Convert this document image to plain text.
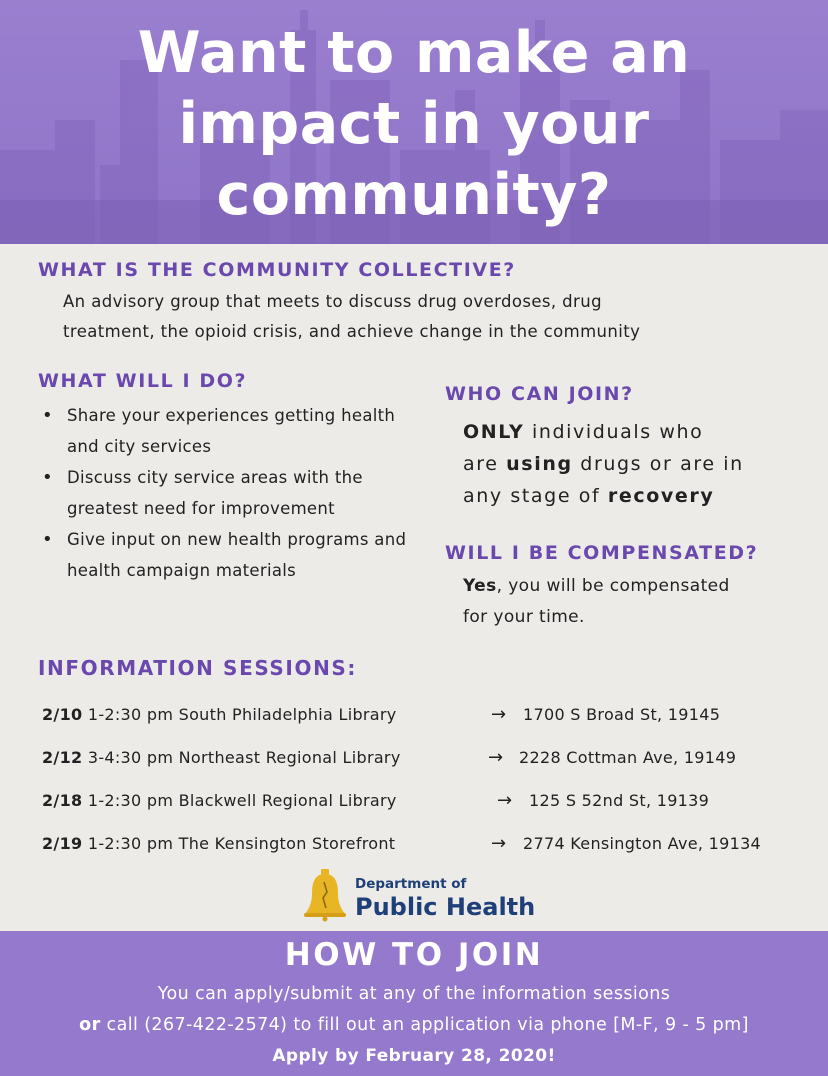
Want to make an
impact in your
community?
WHAT IS THE COMMUNITY COLLECTIVE?

An advisory group that meets to discuss drug overdoses, drug

treatment, the opioid crisis, and achieve change in the community

WHAT WILL I DO?
• Share your experiences getting health and city services
• Discuss city service areas with the greatest need for improvement
• Give input on new health programs and health campaign materials
WHO CAN JOIN?
ONLY individuals who
are using drugs or are in
any stage of recovery
WILL I BE COMPENSATED?
Yes, you will be compensated
for your time.
INFORMATION SESSIONS:
2/10 1-2:30 pm South Philadelphia Library	→ 1700 S Broad St, 19145
2/12 3-4:30 pm Northeast Regional Library	→ 2228 Cottman Ave, 19149
2/18 1-2:30 pm Blackwell Regional Library	→ 125 S 52nd St, 19139
2/19 1-2:30 pm The Kensington Storefront	→ 2774 Kensington Ave, 19134
Department of
Public Health
HOW TO JOIN

You can apply/submit at any of the information sessions

or call (267-422-2574) to fill out an application via phone [M-F, 9 - 5 pm]

Apply by February 28, 2020!
